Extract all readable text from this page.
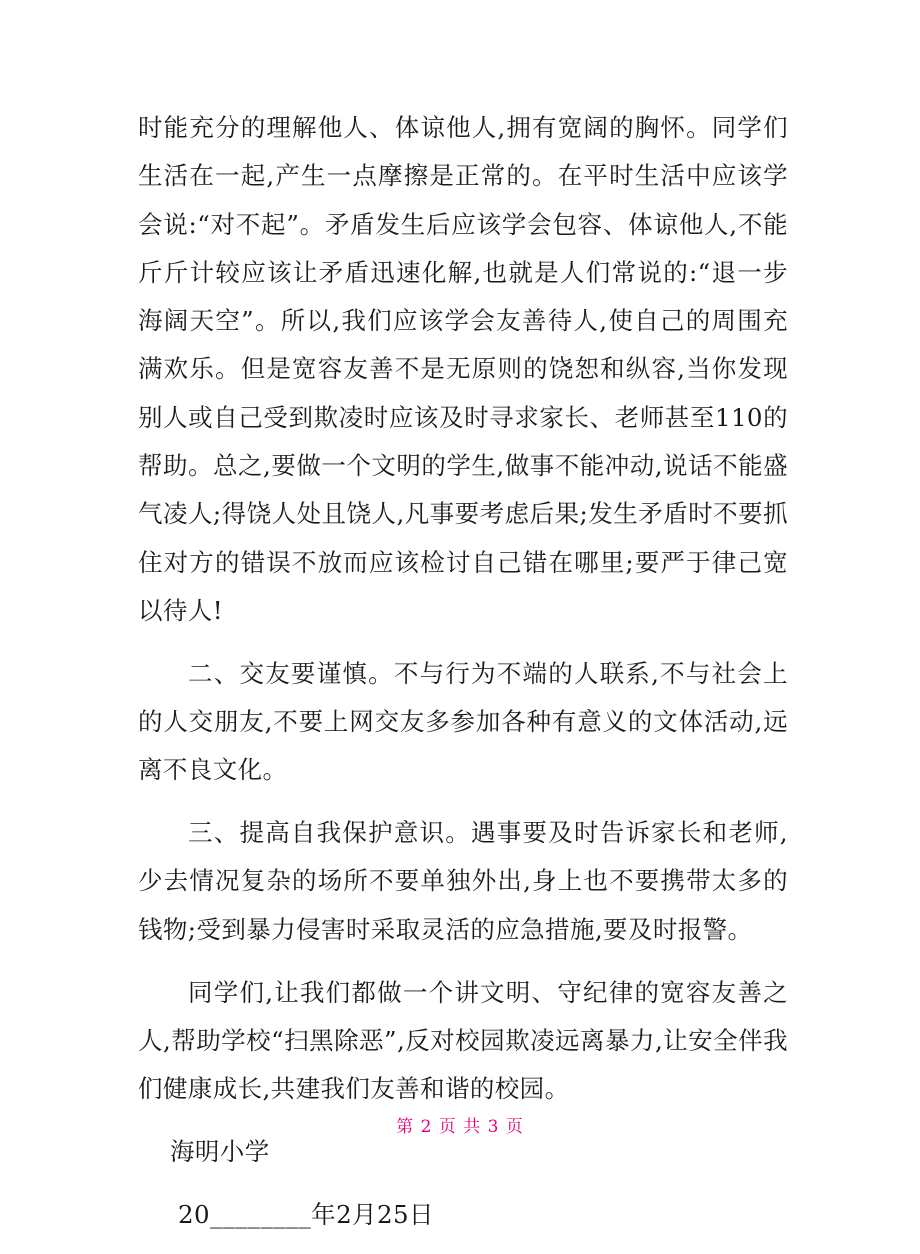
时能充分的理解他人、体谅他人,拥有宽阔的胸怀。同学们生活在一起,产生一点摩擦是正常的。在平时生活中应该学会说:“对不起”。矛盾发生后应该学会包容、体谅他人,不能斤斤计较应该让矛盾迅速化解,也就是人们常说的:“退一步海阔天空”。所以,我们应该学会友善待人,使自己的周围充满欢乐。但是宽容友善不是无原则的饶恕和纵容,当你发现别人或自己受到欺凌时应该及时寻求家长、老师甚至110的帮助。总之,要做一个文明的学生,做事不能冲动,说话不能盛气凌人;得饶人处且饶人,凡事要考虑后果;发生矛盾时不要抓住对方的错误不放而应该检讨自己错在哪里;要严于律己宽以待人!

二、交友要谨慎。不与行为不端的人联系,不与社会上的人交朋友,不要上网交友多参加各种有意义的文体活动,远离不良文化。

三、提高自我保护意识。遇事要及时告诉家长和老师,少去情况复杂的场所不要单独外出,身上也不要携带太多的钱物;受到暴力侵害时采取灵活的应急措施,要及时报警。

同学们,让我们都做一个讲文明、守纪律的宽容友善之人,帮助学校“扫黑除恶”,反对校园欺凌远离暴力,让安全伴我们健康成长,共建我们友善和谐的校园。

海明小学

20________年2月25日

第 2 页 共 3 页
